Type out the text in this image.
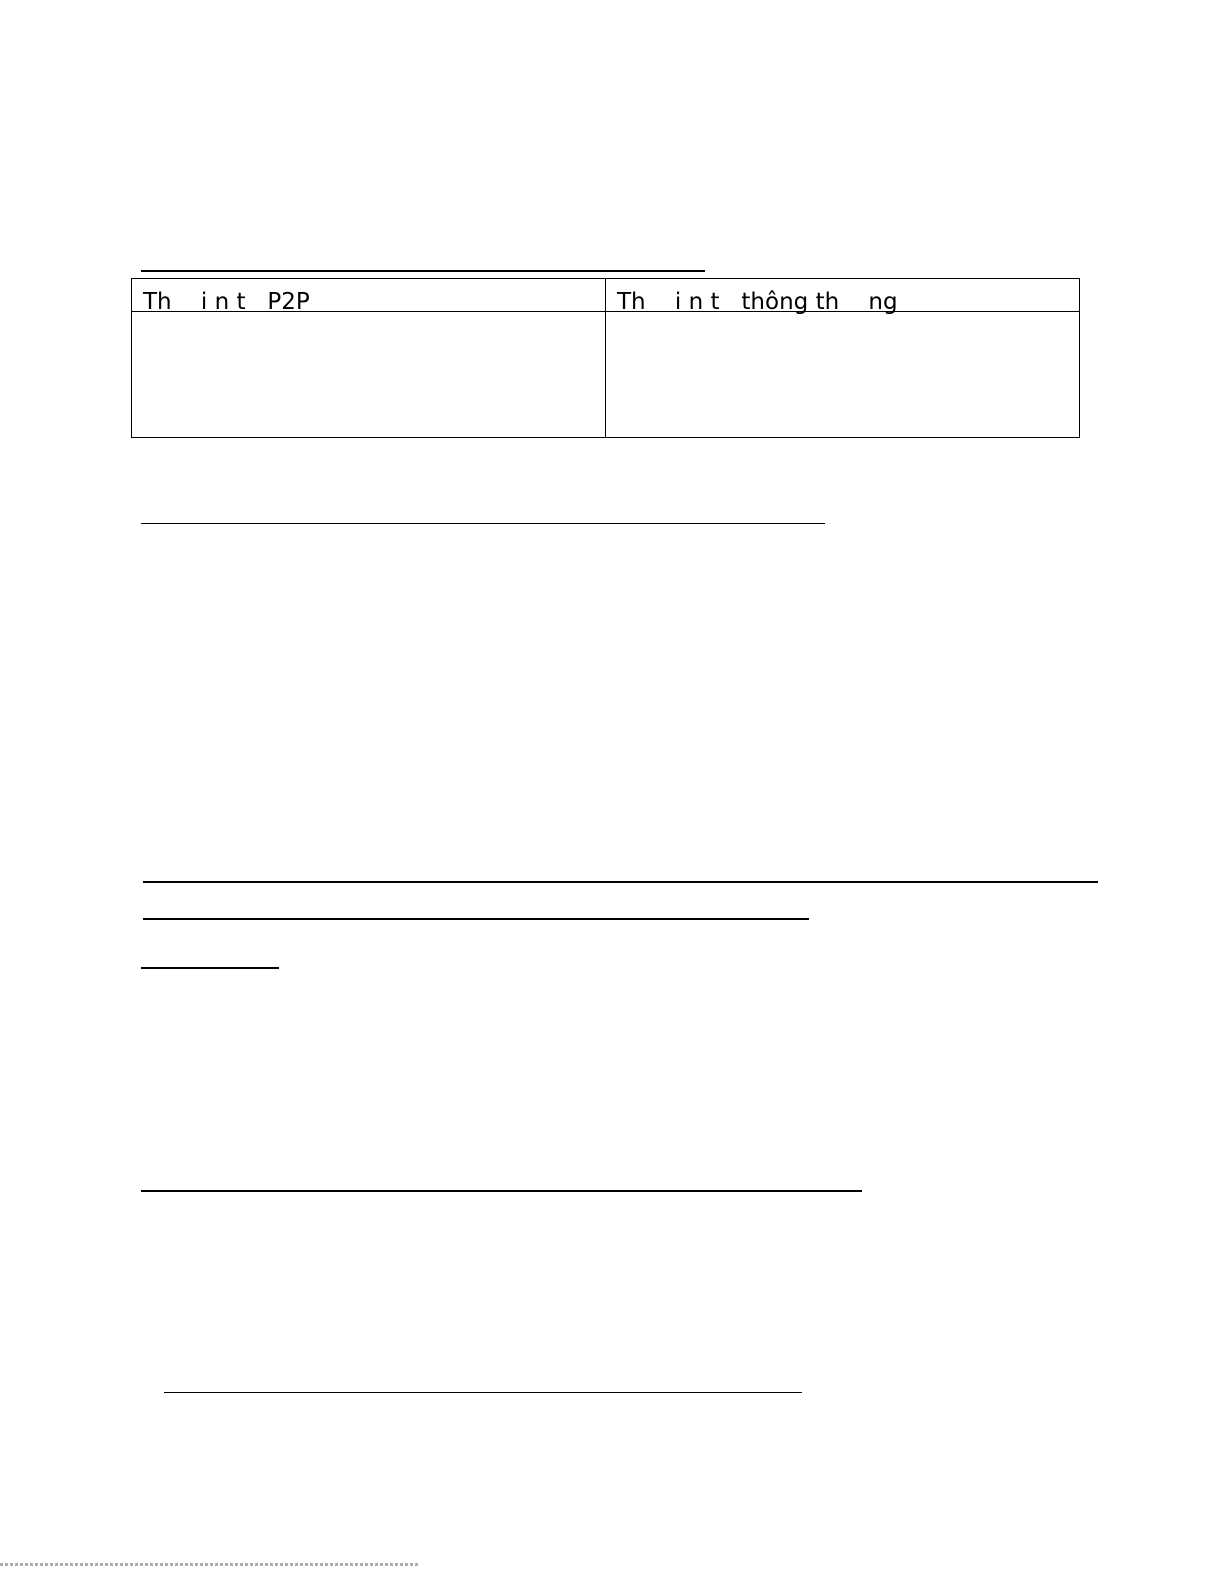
Th    i n t   P2P	Th    i n t   thông th    ng
